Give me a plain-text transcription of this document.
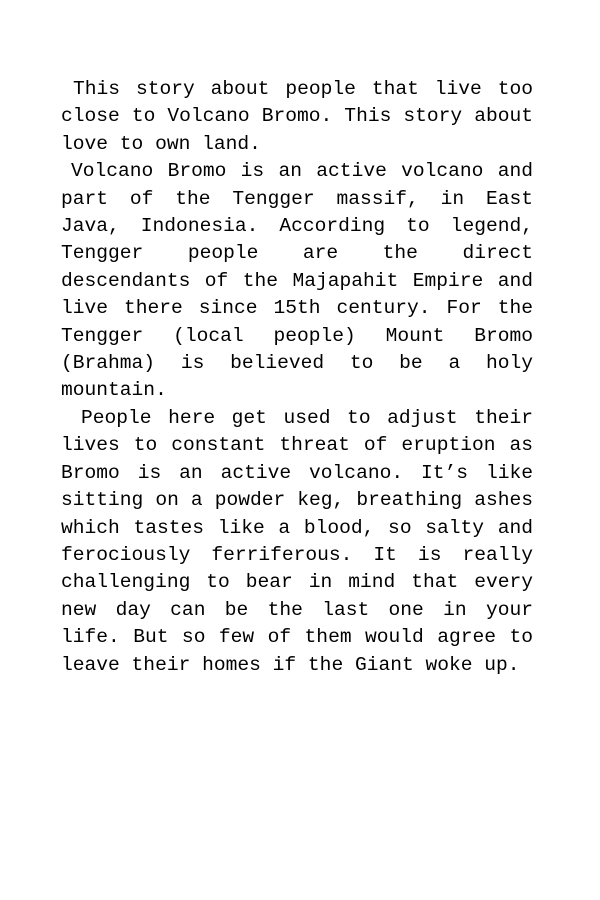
This story about people that live too close to Volcano Bromo. This story about love to own land.

Volcano Bromo is an active volcano and part of the Tengger massif, in East Java, Indonesia. According to legend, Tengger people are the direct descendants of the Majapahit Empire and live there since 15th century. For the Tengger (local people) Mount Bromo (Brahma) is believed to be a holy mountain.

People here get used to adjust their lives to constant threat of eruption as Bromo is an active volcano. It’s like sitting on a powder keg, breathing ashes which tastes like a blood, so salty and ferociously ferriferous. It is really challenging to bear in mind that every new day can be the last one in your life. But so few of them would agree to leave their homes if the Giant woke up.
